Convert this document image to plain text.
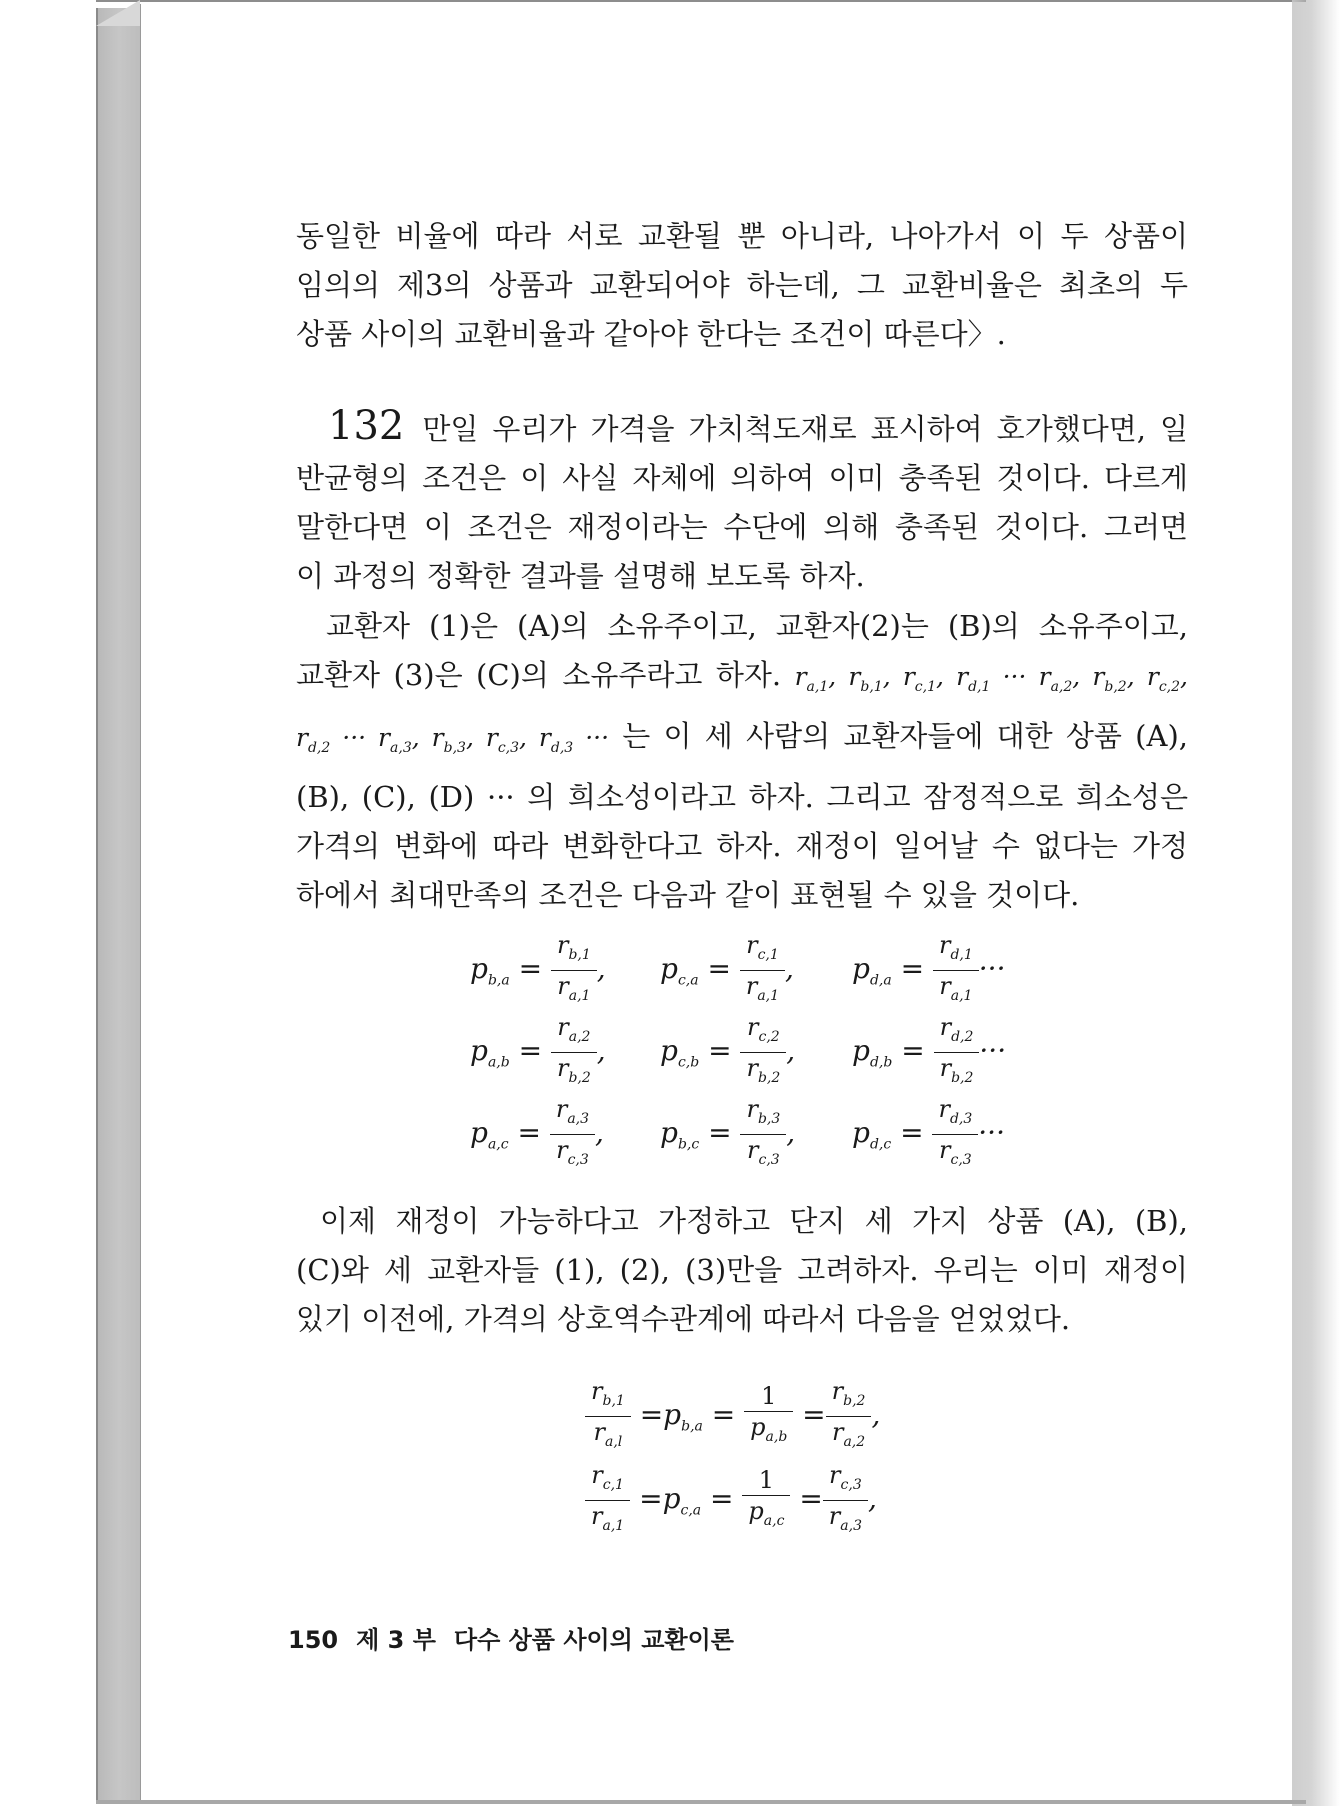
동일한 비율에 따라 서로 교환될 뿐 아니라, 나아가서 이 두 상품이
임의의 제3의 상품과 교환되어야 하는데, 그 교환비율은 최초의 두
상품 사이의 교환비율과 같아야 한다는 조건이 따른다〉.
132 만일 우리가 가격을 가치척도재로 표시하여 호가했다면, 일
반균형의 조건은 이 사실 자체에 의하여 이미 충족된 것이다. 다르게
말한다면 이 조건은 재정이라는 수단에 의해 충족된 것이다. 그러면
이 과정의 정확한 결과를 설명해 보도록 하자.
교환자 (1)은 (A)의 소유주이고, 교환자(2)는 (B)의 소유주이고,
교환자 (3)은 (C)의 소유주라고 하자. $r_{a,1}$, $r_{b,1}$, $r_{c,1}$, $r_{d,1}$ ··· $r_{a,2}$, $r_{b,2}$, $r_{c,2}$,
$r_{d,2}$ ··· $r_{a,3}$, $r_{b,3}$, $r_{c,3}$, $r_{d,3}$ ··· 는 이 세 사람의 교환자들에 대한 상품 (A),
(B), (C), (D) ··· 의 희소성이라고 하자. 그리고 잠정적으로 희소성은
가격의 변화에 따라 변화한다고 하자. 재정이 일어날 수 없다는 가정
하에서 최대만족의 조건은 다음과 같이 표현될 수 있을 것이다.
$p_{b,a} = \frac{r_{b,1}}{r_{a,1}}$ , $p_{c,a} = \frac{r_{c,1}}{r_{a,1}}$ , $p_{d,a} = \frac{r_{d,1}}{r_{a,1}}$ ···
$p_{a,b} = \frac{r_{a,2}}{r_{b,2}}$ , $p_{c,b} = \frac{r_{c,2}}{r_{b,2}}$ , $p_{d,b} = \frac{r_{d,2}}{r_{b,2}}$ ···
$p_{a,c} = \frac{r_{a,3}}{r_{c,3}}$ , $p_{b,c} = \frac{r_{b,3}}{r_{c,3}}$ , $p_{d,c} = \frac{r_{d,3}}{r_{c,3}}$ ···
이제 재정이 가능하다고 가정하고 단지 세 가지 상품 (A), (B),
(C)와 세 교환자들 (1), (2), (3)만을 고려하자. 우리는 이미 재정이
있기 이전에, 가격의 상호역수관계에 따라서 다음을 얻었었다.
$\frac{r_{b,1}}{r_{a,l}} =p_{b,a} = \frac{1}{p_{a,b}} = \frac{r_{b,2}}{r_{a,2}}$ ,
$\frac{r_{c,1}}{r_{a,1}} =p_{c,a} = \frac{1}{p_{a,c}} = \frac{r_{c,3}}{r_{a,3}}$ ,
150 제 3 부 다수 상품 사이의 교환이론
